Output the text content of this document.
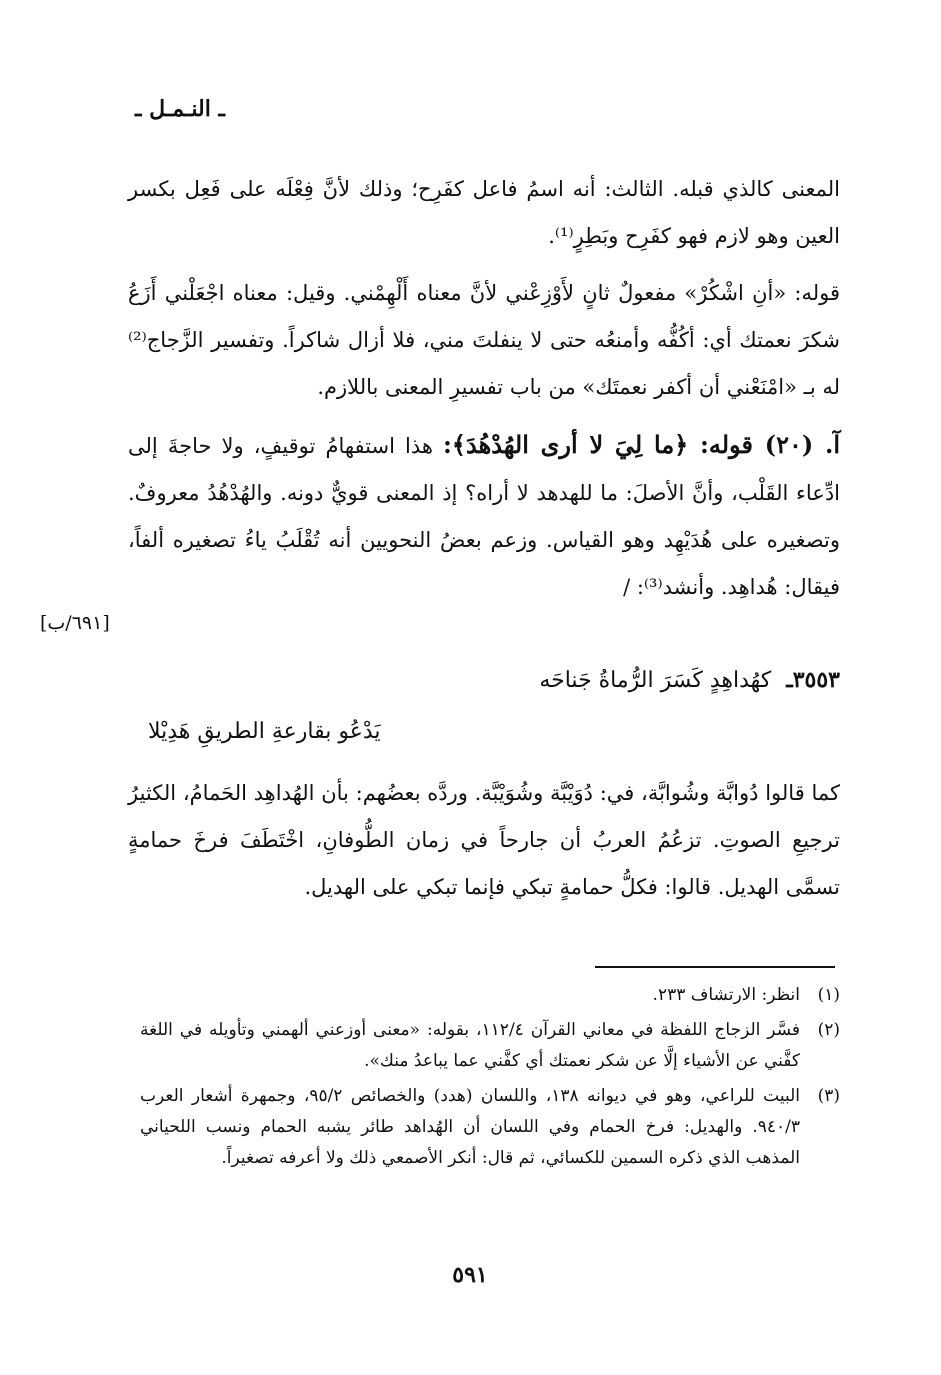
ـ النـمـل ـ

المعنى كالذي قبله. الثالث: أنه اسمُ فاعل كفَرِح؛ وذلك لأنَّ فِعْلَه على فَعِل بكسر العين وهو لازم فهو كفَرِح وبَطِرٍ⁽¹⁾.

قوله: «أنِ اشْكُرْ» مفعولٌ ثانٍ لأَوْزِعْني لأنَّ معناه أَلْهِمْني. وقيل: معناه اجْعَلْني أَزَعُ شكرَ نعمتك أي: أكُفُّه وأمنعُه حتى لا ينفلتَ مني، فلا أزال شاكراً. وتفسير الزَّجاج⁽²⁾ له بـ «امْنَعْني أن أكفر نعمتَك» من باب تفسيرِ المعنى باللازم.

آ. (٢٠) قوله: ﴿ما لِيَ لا أرى الهُدْهُدَ﴾: هذا استفهامُ توقيفٍ، ولا حاجةَ إلى ادِّعاء القَلْب، وأنَّ الأصلَ: ما للهدهد لا أراه؟ إذ المعنى قويٌّ دونه. والهُدْهُدُ معروفٌ. وتصغيره على هُدَيْهِد وهو القياس. وزعم بعضُ النحويين أنه تُقْلَبُ ياءُ تصغيره ألفاً، فيقال: هُداهِد. وأنشد⁽³⁾: /

[٦٩١/ب]
٣٥٥٣ـ كهُداهِدٍ كَسَرَ الرُّماةُ جَناحَه
يَدْعُو بقارعةِ الطريقِ هَدِيْلا
كما قالوا دُوابَّة وشُوابَّة، في: دُوَيْبَّة وشُوَيْبَّة. وردَّه بعضُهم: بأن الهُداهِد الحَمامُ، الكثيرُ ترجيعِ الصوتِ. تزعُمُ العربُ أن جارحاً في زمان الطُّوفانِ، اخْتَطَفَ فرخَ حمامةٍ تسمَّى الهديل. قالوا: فكلُّ حمامةٍ تبكي فإنما تبكي على الهديل.
(١)
انظر: الارتشاف ٢٣٣.
(٢)
فسَّر الزجاج اللفظة في معاني القرآن ١١٢/٤، بقوله: «معنى أوزعني ألهمني وتأويله في اللغة كفَّني عن الأشياء إلَّا عن شكر نعمتك أي كفَّني عما يباعدُ منك».
(٣)
البيت للراعي، وهو في ديوانه ١٣٨، واللسان (هدد) والخصائص ٩٥/٢، وجمهرة أشعار العرب ٩٤٠/٣. والهديل: فرخ الحمام وفي اللسان أن الهُداهد طائر يشبه الحمام ونسب اللحياني المذهب الذي ذكره السمين للكسائي، ثم قال: أنكر الأصمعي ذلك ولا أعرفه تصغيراً.
٥٩١
